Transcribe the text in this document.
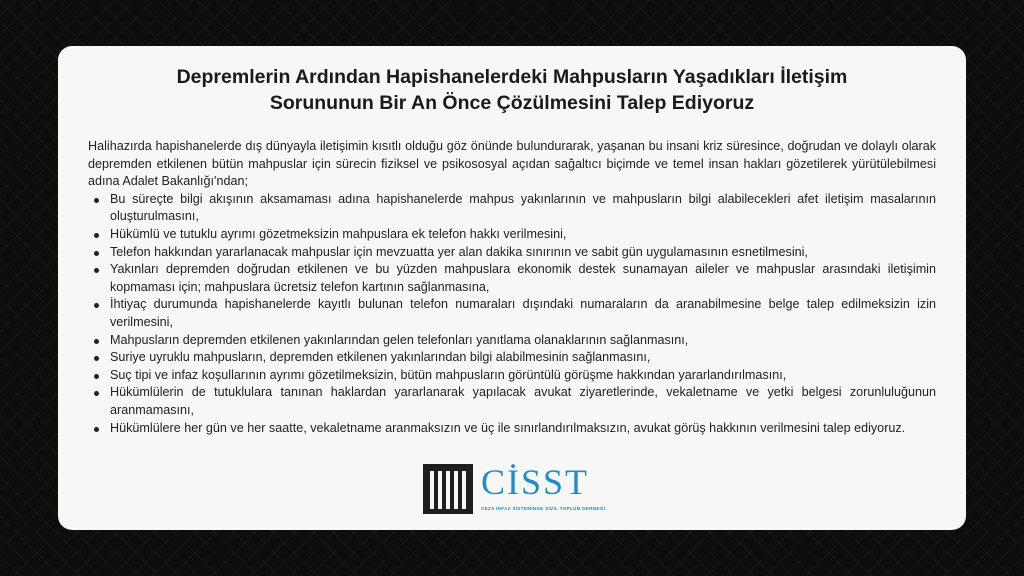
Depremlerin Ardından Hapishanelerdeki Mahpusların Yaşadıkları İletişim
Sorununun Bir An Önce Çözülmesini Talep Ediyoruz

Halihazırda hapishanelerde dış dünyayla iletişimin kısıtlı olduğu göz önünde bulundurarak, yaşanan bu insani kriz süresince, doğrudan ve dolaylı olarak depremden etkilenen bütün mahpuslar için sürecin fiziksel ve psikososyal açıdan sağaltıcı biçimde ve temel insan hakları gözetilerek yürütülebilmesi adına Adalet Bakanlığı'ndan;

Bu süreçte bilgi akışının aksamaması adına hapishanelerde mahpus yakınlarının ve mahpusların bilgi alabilecekleri afet iletişim masalarının oluşturulmasını,
Hükümlü ve tutuklu ayrımı gözetmeksizin mahpuslara ek telefon hakkı verilmesini,
Telefon hakkından yararlanacak mahpuslar için mevzuatta yer alan dakika sınırının ve sabit gün uygulamasının esnetilmesini,
Yakınları depremden doğrudan etkilenen ve bu yüzden mahpuslara ekonomik destek sunamayan aileler ve mahpuslar arasındaki iletişimin kopmaması için; mahpuslara ücretsiz telefon kartının sağlanmasına,
İhtiyaç durumunda hapishanelerde kayıtlı bulunan telefon numaraları dışındaki numaraların da aranabilmesine belge talep edilmeksizin izin verilmesini,
Mahpusların depremden etkilenen yakınlarından gelen telefonları yanıtlama olanaklarının sağlanmasını,
Suriye uyruklu mahpusların, depremden etkilenen yakınlarından bilgi alabilmesinin sağlanmasını,
Suç tipi ve infaz koşullarının ayrımı gözetilmeksizin, bütün mahpusların görüntülü görüşme hakkından yararlandırılmasını,
Hükümlülerin de tutuklulara tanınan haklardan yararlanarak yapılacak avukat ziyaretlerinde, vekaletname ve yetki belgesi zorunluluğunun aranmamasını,
Hükümlülere her gün ve her saatte, vekaletname aranmaksızın ve üç ile sınırlandırılmaksızın, avukat görüş hakkının verilmesini talep ediyoruz.
CİSST
CEZA İNFAZ SİSTEMİNDE SİVİL TOPLUM DERNEĞİ
